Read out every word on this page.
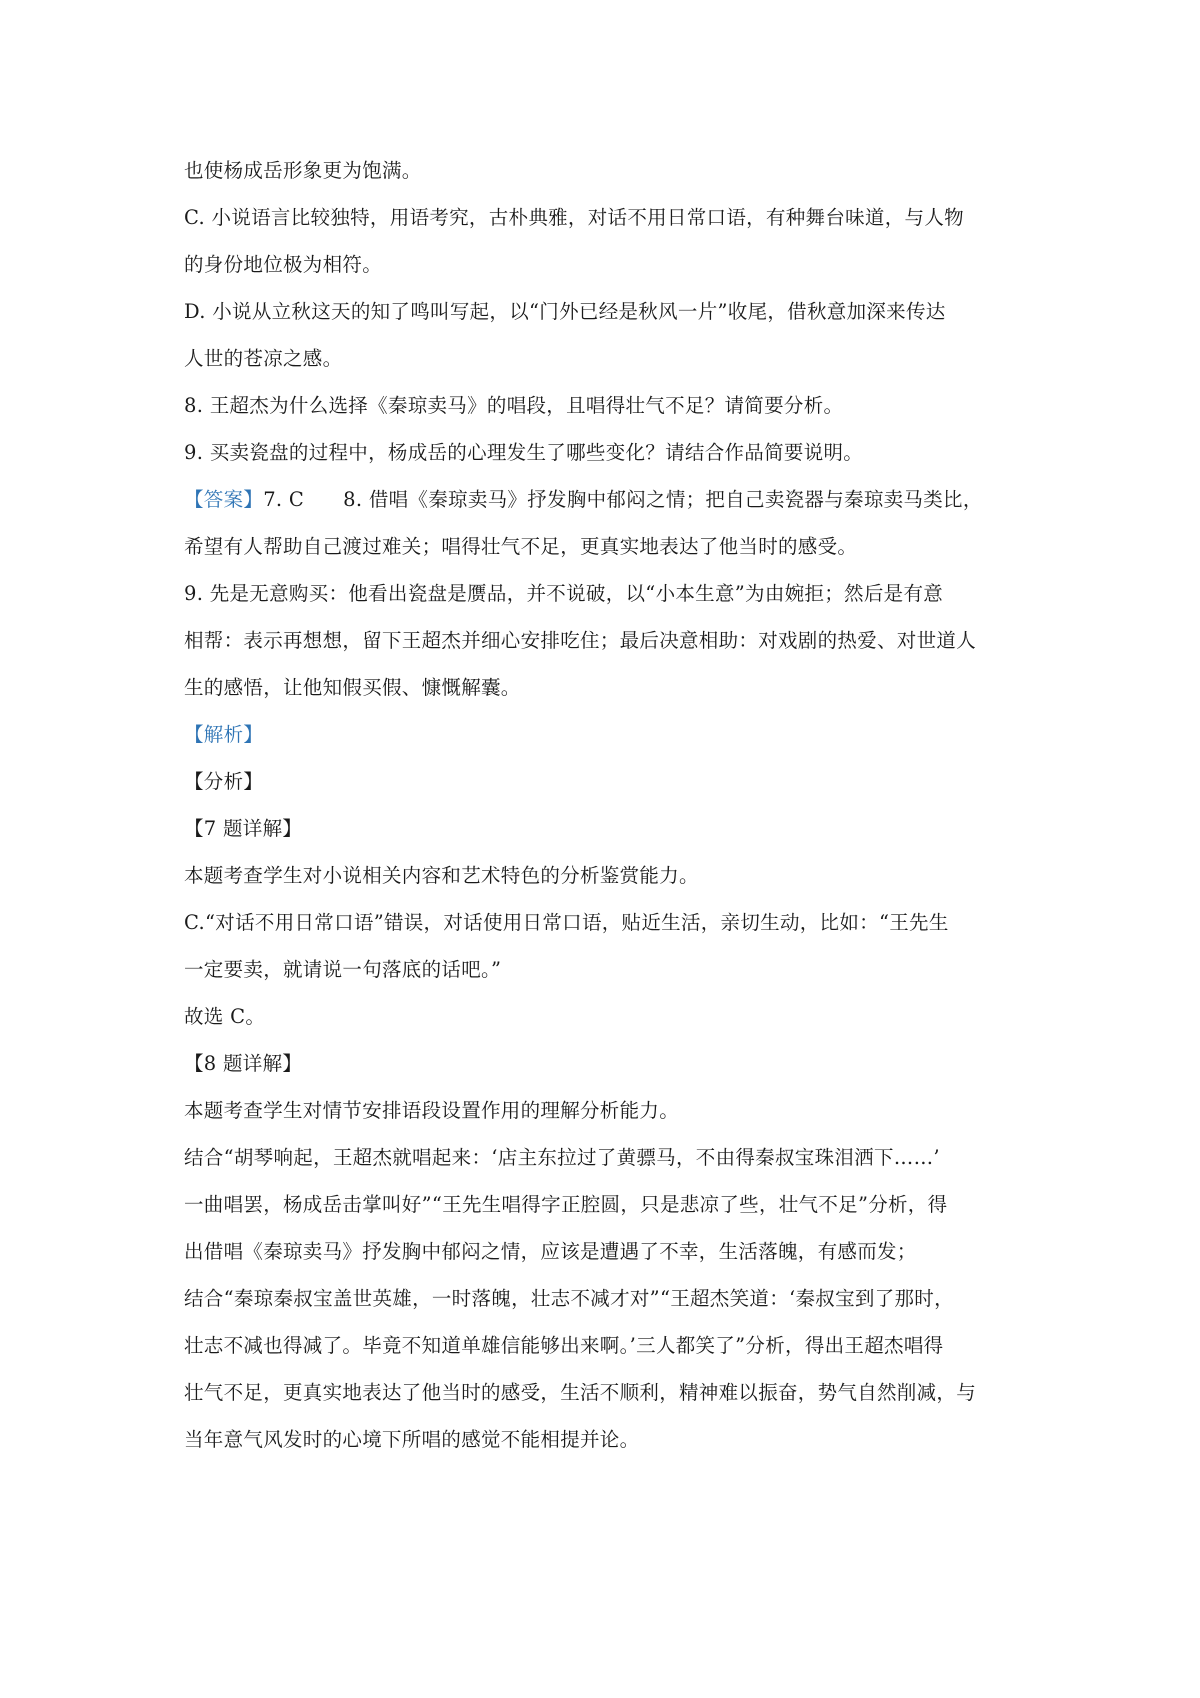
也使杨成岳形象更为饱满。
C. 小说语言比较独特，用语考究，古朴典雅，对话不用日常口语，有种舞台味道，与人物
的身份地位极为相符。
D. 小说从立秋这天的知了鸣叫写起，以“门外已经是秋风一片”收尾，借秋意加深来传达
人世的苍凉之感。
8. 王超杰为什么选择《秦琼卖马》的唱段，且唱得壮气不足？请简要分析。
9. 买卖瓷盘的过程中，杨成岳的心理发生了哪些变化？请结合作品简要说明。
【答案】7. C      8. 借唱《秦琼卖马》抒发胸中郁闷之情；把自己卖瓷器与秦琼卖马类比，
希望有人帮助自己渡过难关；唱得壮气不足，更真实地表达了他当时的感受。
9. 先是无意购买：他看出瓷盘是赝品，并不说破，以“小本生意”为由婉拒；然后是有意
相帮：表示再想想，留下王超杰并细心安排吃住；最后决意相助：对戏剧的热爱、对世道人
生的感悟，让他知假买假、慷慨解囊。
【解析】
【分析】
【7 题详解】
本题考查学生对小说相关内容和艺术特色的分析鉴赏能力。
C.“对话不用日常口语”错误，对话使用日常口语，贴近生活，亲切生动，比如：“王先生
一定要卖，就请说一句落底的话吧。”
故选 C。
【8 题详解】
本题考查学生对情节安排语段设置作用的理解分析能力。
结合“胡琴响起，王超杰就唱起来：‘店主东拉过了黄骠马，不由得秦叔宝珠泪洒下……’
一曲唱罢，杨成岳击掌叫好”“王先生唱得字正腔圆，只是悲凉了些，壮气不足”分析，得
出借唱《秦琼卖马》抒发胸中郁闷之情，应该是遭遇了不幸，生活落魄，有感而发；
结合“秦琼秦叔宝盖世英雄，一时落魄，壮志不减才对”“王超杰笑道：‘秦叔宝到了那时，
壮志不减也得减了。毕竟不知道单雄信能够出来啊。’三人都笑了”分析，得出王超杰唱得
壮气不足，更真实地表达了他当时的感受，生活不顺利，精神难以振奋，势气自然削减，与
当年意气风发时的心境下所唱的感觉不能相提并论。
